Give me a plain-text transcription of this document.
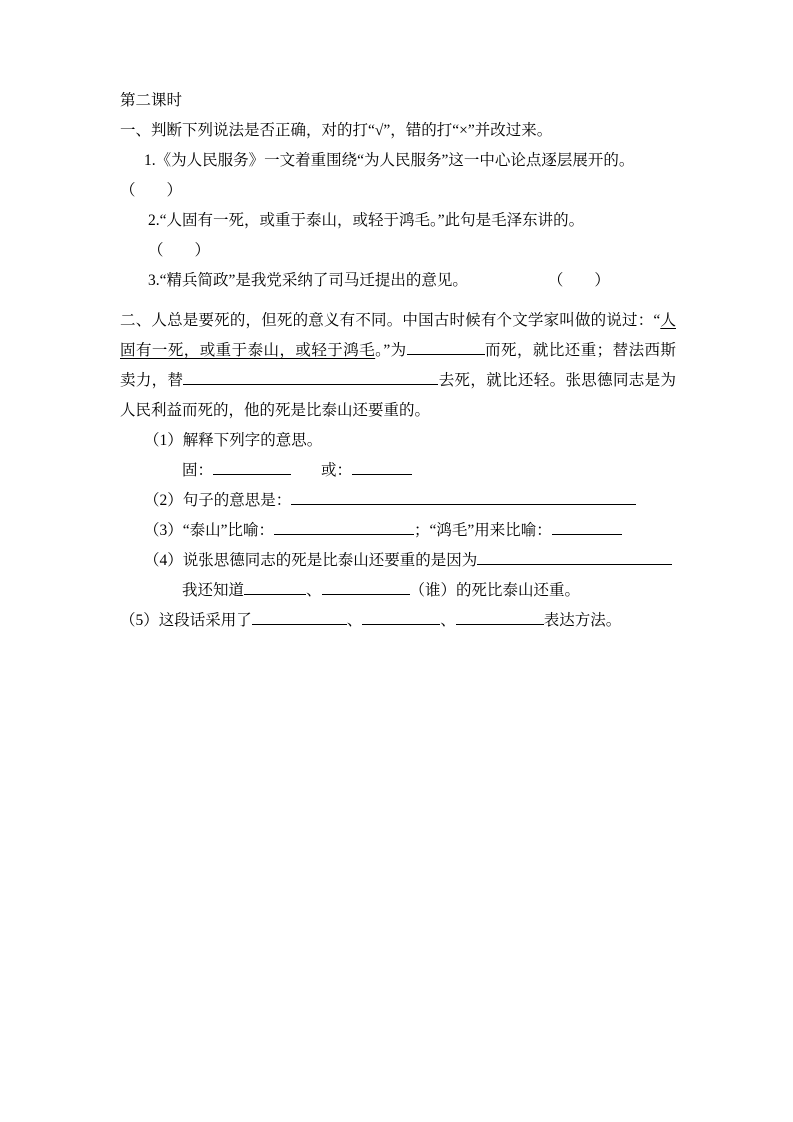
第二课时

一、判断下列说法是否正确，对的打“√”，错的打“×”并改过来。

1.《为人民服务》一文着重围绕“为人民服务”这一中心论点逐层展开的。

（        ）

2.“人固有一死，或重于泰山，或轻于鸿毛。”此句是毛泽东讲的。

（        ）

3.“精兵简政”是我党采纳了司马迁提出的意见。	（        ）

二、人总是要死的，但死的意义有不同。中国古时候有个文学家叫做的说过：“人固有一死，或重于泰山，或轻于鸿毛。”为	而死，就比还重；替法西斯卖力，替	去死，就比还轻。张思德同志是为人民利益而死的，他的死是比泰山还要重的。

（1）解释下列字的意思。

固：	或：

（2）句子的意思是：

（3）“泰山”比喻：	；“鸿毛”用来比喻：

（4）说张思德同志的死是比泰山还要重的是因为

我还知道	、	（谁）的死比泰山还重。

（5）这段话采用了	、	、	表达方法。
